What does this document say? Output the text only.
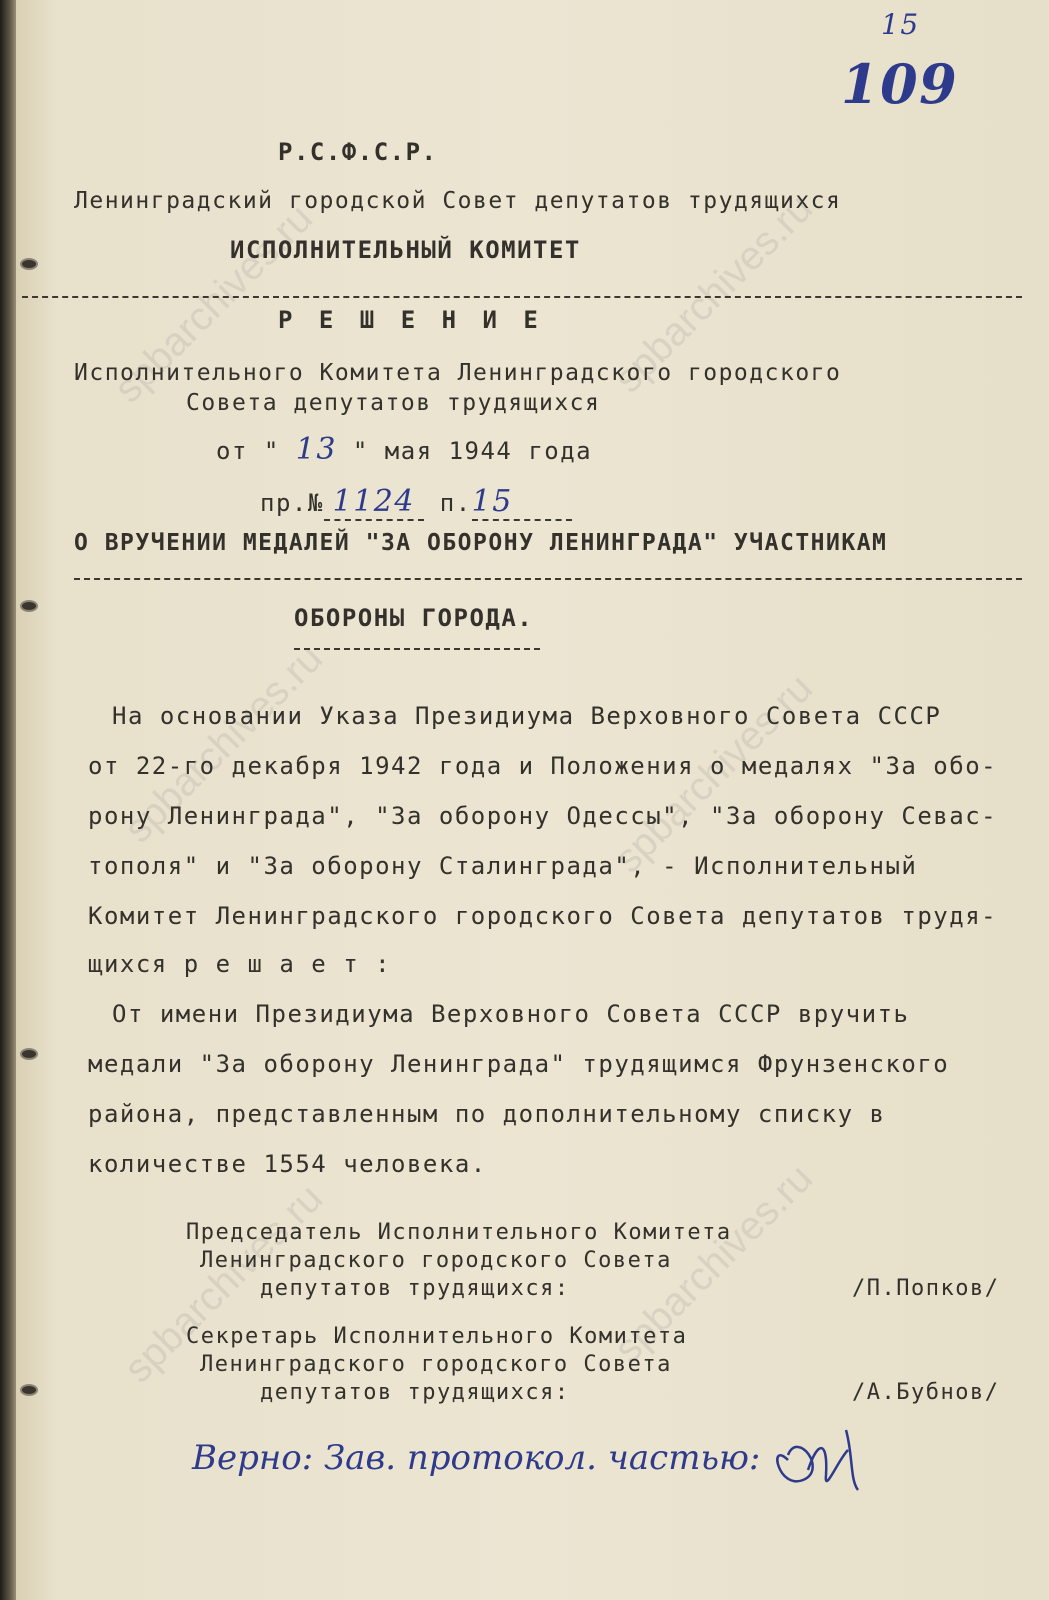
spbarchives.ru	spbarchives.ru
spbarchives.ru	spbarchives.ru
spbarchives.ru	spbarchives.ru
15
109
Р.С.Ф.С.Р.
Ленинградский городской Совет депутатов трудящихся
ИСПОЛНИТЕЛЬНЫЙ КОМИТЕТ
Р Е Ш Е Н И Е
Исполнительного Комитета Ленинградского городского
Совета депутатов трудящихся
от " 13 " мая 1944 года
пр.№ 1124 п.15
О ВРУЧЕНИИ МЕДАЛЕЙ "ЗА ОБОРОНУ ЛЕНИНГРАДА" УЧАСТНИКАМ
ОБОРОНЫ ГОРОДА.
На основании Указа Президиума Верховного Совета СССР
от 22-го декабря 1942 года и Положения о медалях "За обо-
рону Ленинграда", "За оборону Одессы", "За оборону Севас-
тополя" и "За оборону Сталинграда", - Исполнительный
Комитет Ленинградского городского Совета депутатов трудя-
щихся р е ш а е т :
От имени Президиума Верховного Совета СССР вручить
медали "За оборону Ленинграда" трудящимся Фрунзенского
района, представленным по дополнительному списку в
количестве 1554 человека.
Председатель Исполнительного Комитета
Ленинградского городского Совета
депутатов трудящихся:	/П.Попков/
Секретарь Исполнительного Комитета
Ленинградского городского Совета
депутатов трудящихся:	/А.Бубнов/
Верно: Зав. протокол. частью:
